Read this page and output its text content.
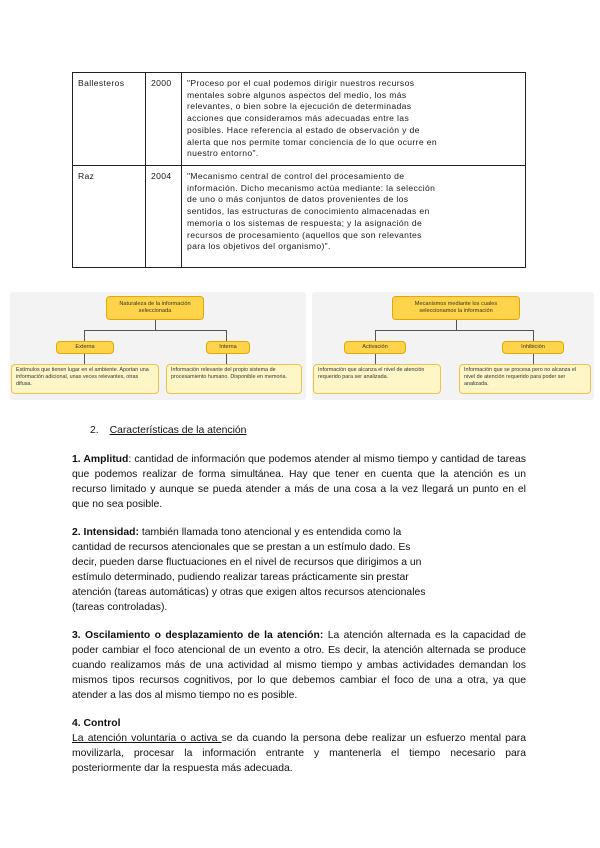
Ballesteros	2000	"Proceso por el cual podemos dirigir nuestros recursos mentales sobre algunos aspectos del medio, los más relevantes, o bien sobre la ejecución de determinadas acciones que consideramos más adecuadas entre las posibles. Hace referencia al estado de observación y de alerta que nos permite tomar conciencia de lo que ocurre en nuestro entorno".
Raz	2004	"Mecanismo central de control del procesamiento de información. Dicho mecanismo actúa mediante: la selección de uno o más conjuntos de datos provenientes de los sentidos, las estructuras de conocimiento almacenadas en memoria o los sistemas de respuesta; y la asignación de recursos de procesamiento (aquellos que son relevantes para los objetivos del organismo)".
Naturaleza de la información seleccionada
Externa	Interna
Estímulos que tienen lugar en el ambiente. Aportan una información adicional, unas veces relevantes, otras difusa.
Información relevante del propio sistema de procesamiento humano. Disponible en memoria.
Mecanismos mediante los cuales seleccionamos la información
Activación	Inhibición
Información que alcanza el nivel de atención requerido para ser analizada.
Información que se procesa pero no alcanza el nivel de atención requerido para poder ser analizada.
2. Características de la atención
1. Amplitud: cantidad de información que podemos atender al mismo tiempo y cantidad de tareas que podemos realizar de forma simultánea. Hay que tener en cuenta que la atención es un recurso limitado y aunque se pueda atender a más de una cosa a la vez llegará un punto en el que no sea posible.
2. Intensidad: también llamada tono atencional y es entendida como la cantidad de recursos atencionales que se prestan a un estímulo dado. Es decir, pueden darse fluctuaciones en el nivel de recursos que dirigimos a un estímulo determinado, pudiendo realizar tareas prácticamente sin prestar atención (tareas automáticas) y otras que exigen altos recursos atencionales (tareas controladas).
3. Oscilamiento o desplazamiento de la atención: La atención alternada es la capacidad de poder cambiar el foco atencional de un evento a otro. Es decir, la atención alternada se produce cuando realizamos más de una actividad al mismo tiempo y ambas actividades demandan los mismos tipos recursos cognitivos, por lo que debemos cambiar el foco de una a otra, ya que atender a las dos al mismo tiempo no es posible.
4. Control
La atención voluntaria o activa se da cuando la persona debe realizar un esfuerzo mental para movilizarla, procesar la información entrante y mantenerla el tiempo necesario para posteriormente dar la respuesta más adecuada.
